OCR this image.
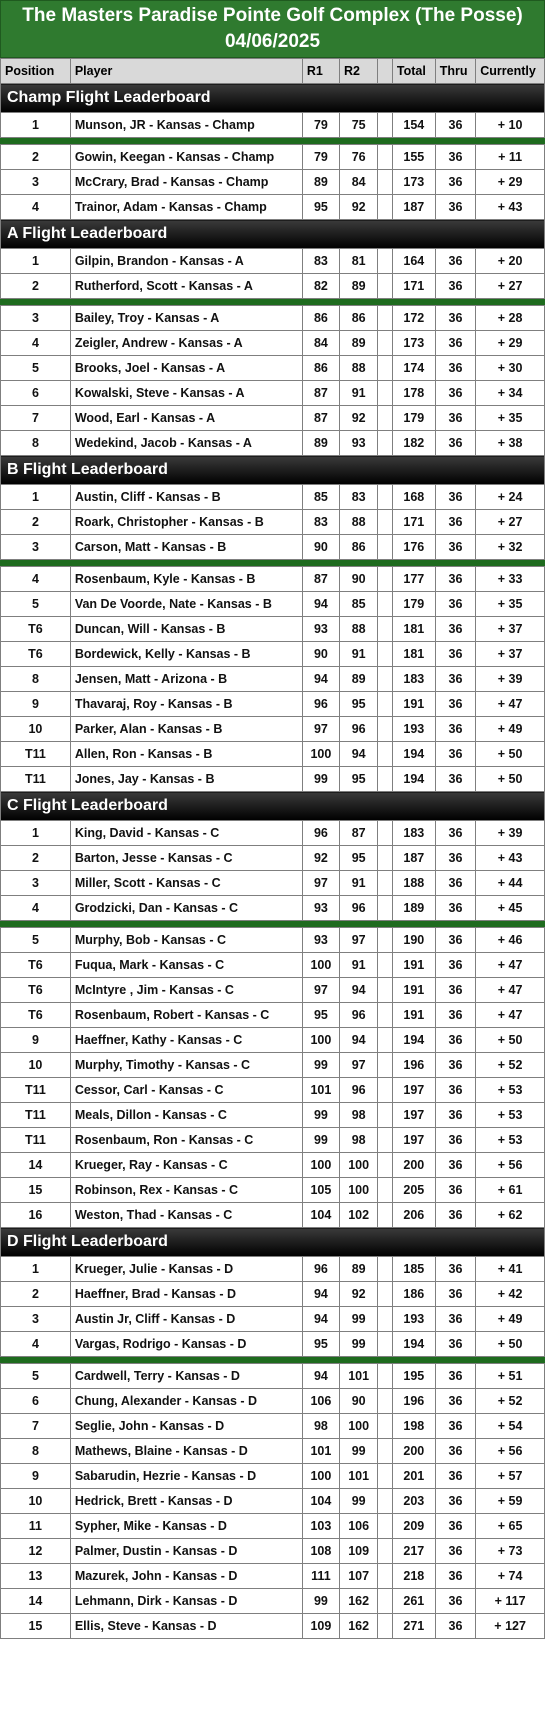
The Masters Paradise Pointe Golf Complex (The Posse)
04/06/2025
Position	Player	R1	R2		Total	Thru	Currently
Champ Flight Leaderboard							
1	Munson, JR - Kansas - Champ	79	75		154	36	+ 10

2	Gowin, Keegan - Kansas - Champ	79	76		155	36	+ 11
3	McCrary, Brad - Kansas - Champ	89	84		173	36	+ 29
4	Trainor, Adam - Kansas - Champ	95	92		187	36	+ 43
A Flight Leaderboard							
1	Gilpin, Brandon - Kansas - A	83	81		164	36	+ 20
2	Rutherford, Scott - Kansas - A	82	89		171	36	+ 27

3	Bailey, Troy - Kansas - A	86	86		172	36	+ 28
4	Zeigler, Andrew - Kansas - A	84	89		173	36	+ 29
5	Brooks, Joel - Kansas - A	86	88		174	36	+ 30
6	Kowalski, Steve - Kansas - A	87	91		178	36	+ 34
7	Wood, Earl - Kansas - A	87	92		179	36	+ 35
8	Wedekind, Jacob - Kansas - A	89	93		182	36	+ 38
B Flight Leaderboard							
1	Austin, Cliff - Kansas - B	85	83		168	36	+ 24
2	Roark, Christopher - Kansas - B	83	88		171	36	+ 27
3	Carson, Matt - Kansas - B	90	86		176	36	+ 32

4	Rosenbaum, Kyle - Kansas - B	87	90		177	36	+ 33
5	Van De Voorde, Nate - Kansas - B	94	85		179	36	+ 35
T6	Duncan, Will - Kansas - B	93	88		181	36	+ 37
T6	Bordewick, Kelly - Kansas - B	90	91		181	36	+ 37
8	Jensen, Matt - Arizona - B	94	89		183	36	+ 39
9	Thavaraj, Roy - Kansas - B	96	95		191	36	+ 47
10	Parker, Alan - Kansas - B	97	96		193	36	+ 49
T11	Allen, Ron - Kansas - B	100	94		194	36	+ 50
T11	Jones, Jay - Kansas - B	99	95		194	36	+ 50
C Flight Leaderboard							
1	King, David - Kansas - C	96	87		183	36	+ 39
2	Barton, Jesse - Kansas - C	92	95		187	36	+ 43
3	Miller, Scott - Kansas - C	97	91		188	36	+ 44
4	Grodzicki, Dan - Kansas - C	93	96		189	36	+ 45

5	Murphy, Bob - Kansas - C	93	97		190	36	+ 46
T6	Fuqua, Mark - Kansas - C	100	91		191	36	+ 47
T6	McIntyre , Jim - Kansas - C	97	94		191	36	+ 47
T6	Rosenbaum, Robert - Kansas - C	95	96		191	36	+ 47
9	Haeffner, Kathy - Kansas - C	100	94		194	36	+ 50
10	Murphy, Timothy - Kansas - C	99	97		196	36	+ 52
T11	Cessor, Carl - Kansas - C	101	96		197	36	+ 53
T11	Meals, Dillon - Kansas - C	99	98		197	36	+ 53
T11	Rosenbaum, Ron - Kansas - C	99	98		197	36	+ 53
14	Krueger, Ray - Kansas - C	100	100		200	36	+ 56
15	Robinson, Rex - Kansas - C	105	100		205	36	+ 61
16	Weston, Thad - Kansas - C	104	102		206	36	+ 62
D Flight Leaderboard							
1	Krueger, Julie - Kansas - D	96	89		185	36	+ 41
2	Haeffner, Brad - Kansas - D	94	92		186	36	+ 42
3	Austin Jr, Cliff - Kansas - D	94	99		193	36	+ 49
4	Vargas, Rodrigo - Kansas - D	95	99		194	36	+ 50

5	Cardwell, Terry - Kansas - D	94	101		195	36	+ 51
6	Chung, Alexander - Kansas - D	106	90		196	36	+ 52
7	Seglie, John - Kansas - D	98	100		198	36	+ 54
8	Mathews, Blaine - Kansas - D	101	99		200	36	+ 56
9	Sabarudin, Hezrie - Kansas - D	100	101		201	36	+ 57
10	Hedrick, Brett - Kansas - D	104	99		203	36	+ 59
11	Sypher, Mike - Kansas - D	103	106		209	36	+ 65
12	Palmer, Dustin - Kansas - D	108	109		217	36	+ 73
13	Mazurek, John - Kansas - D	111	107		218	36	+ 74
14	Lehmann, Dirk - Kansas - D	99	162		261	36	+ 117
15	Ellis, Steve - Kansas - D	109	162		271	36	+ 127
